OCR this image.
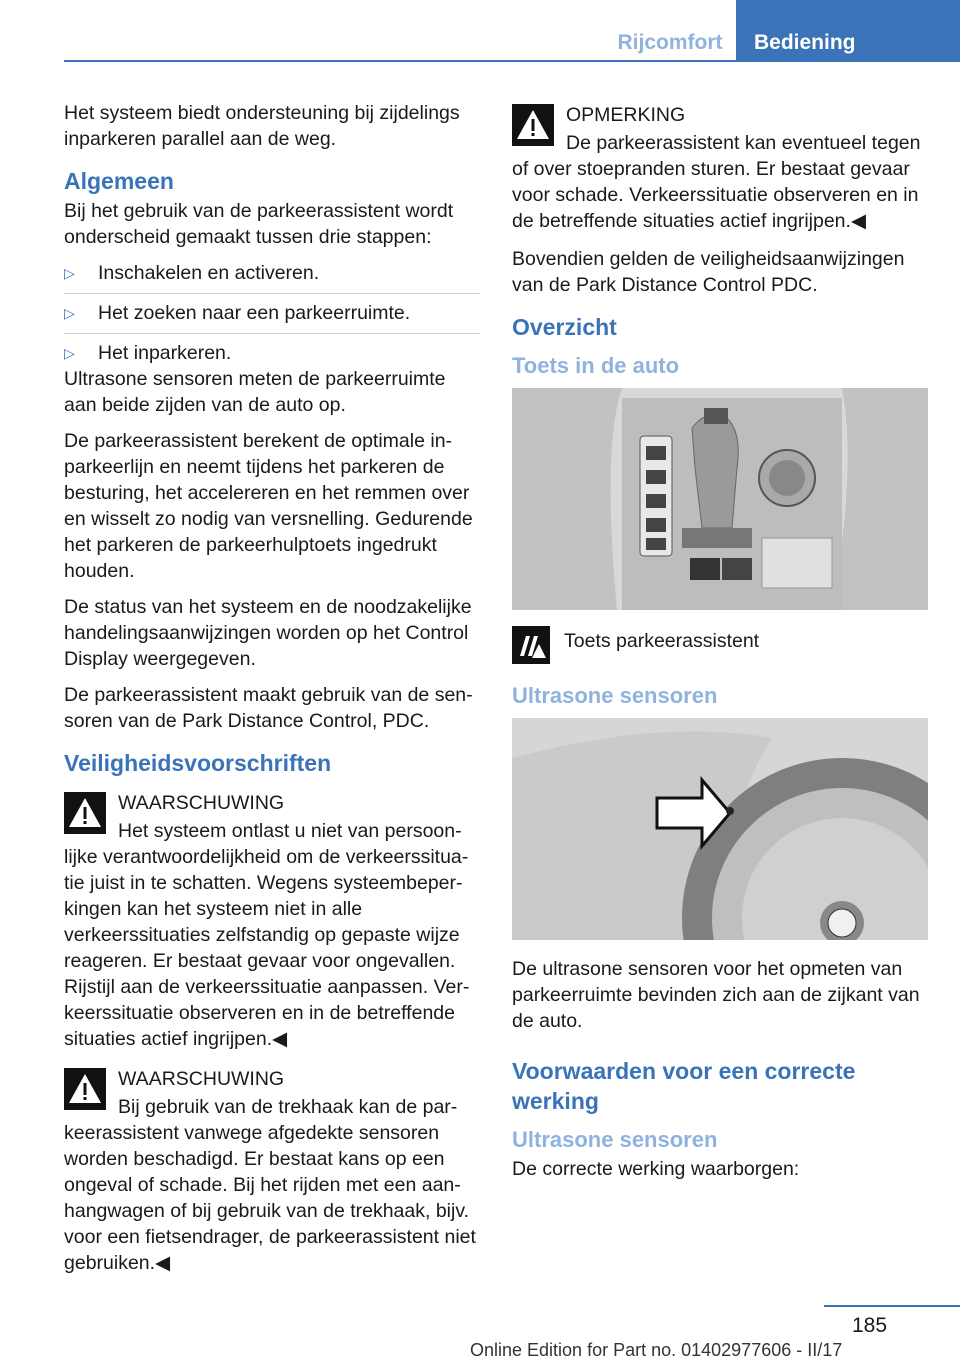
Rijcomfort	Bediening

Het systeem biedt ondersteuning bij zijdelings inparkeren parallel aan de weg.

Algemeen

Bij het gebruik van de parkeerassistent wordt onderscheid gemaakt tussen drie stappen:

▷ Inschakelen en activeren.
▷ Het zoeken naar een parkeerruimte.
▷ Het inparkeren.

Ultrasone sensoren meten de parkeerruimte aan beide zijden van de auto op.

De parkeerassistent berekent de optimale in-parkeerlijn en neemt tijdens het parkeren de besturing, het accelereren en het remmen over en wisselt zo nodig van versnelling. Gedurende het parkeren de parkeerhulptoets ingedrukt houden.

De status van het systeem en de noodzakelijke handelingsaanwijzingen worden op het Control Display weergegeven.

De parkeerassistent maakt gebruik van de sen-soren van de Park Distance Control, PDC.

Veiligheidsvoorschriften
WAARSCHUWING
Het systeem ontlast u niet van persoon-lijke verantwoordelijkheid om de verkeerssitua-tie juist in te schatten. Wegens systeembeper-kingen kan het systeem niet in alle verkeerssituaties zelfstandig op gepaste wijze reageren. Er bestaat gevaar voor ongevallen. Rijstijl aan de verkeerssituatie aanpassen. Ver-keerssituatie observeren en in de betreffende situaties actief ingrijpen.◀
WAARSCHUWING
Bij gebruik van de trekhaak kan de par-keerassistent vanwege afgedekte sensoren worden beschadigd. Er bestaat kans op een ongeval of schade. Bij het rijden met een aan-hangwagen of bij gebruik van de trekhaak, bijv. voor een fietsendrager, de parkeerassistent niet gebruiken.◀
OPMERKING
De parkeerassistent kan eventueel tegen of over stoepranden sturen. Er bestaat gevaar voor schade. Verkeerssituatie observeren en in de betreffende situaties actief ingrijpen.◀

Bovendien gelden de veiligheidsaanwijzingen van de Park Distance Control PDC.

Overzicht
Toets in de auto
Toets parkeerassistent
Ultrasone sensoren

De ultrasone sensoren voor het opmeten van parkeerruimte bevinden zich aan de zijkant van de auto.

Voorwaarden voor een correcte werking
Ultrasone sensoren

De correcte werking waarborgen:

185
Online Edition for Part no. 01402977606 - II/17
